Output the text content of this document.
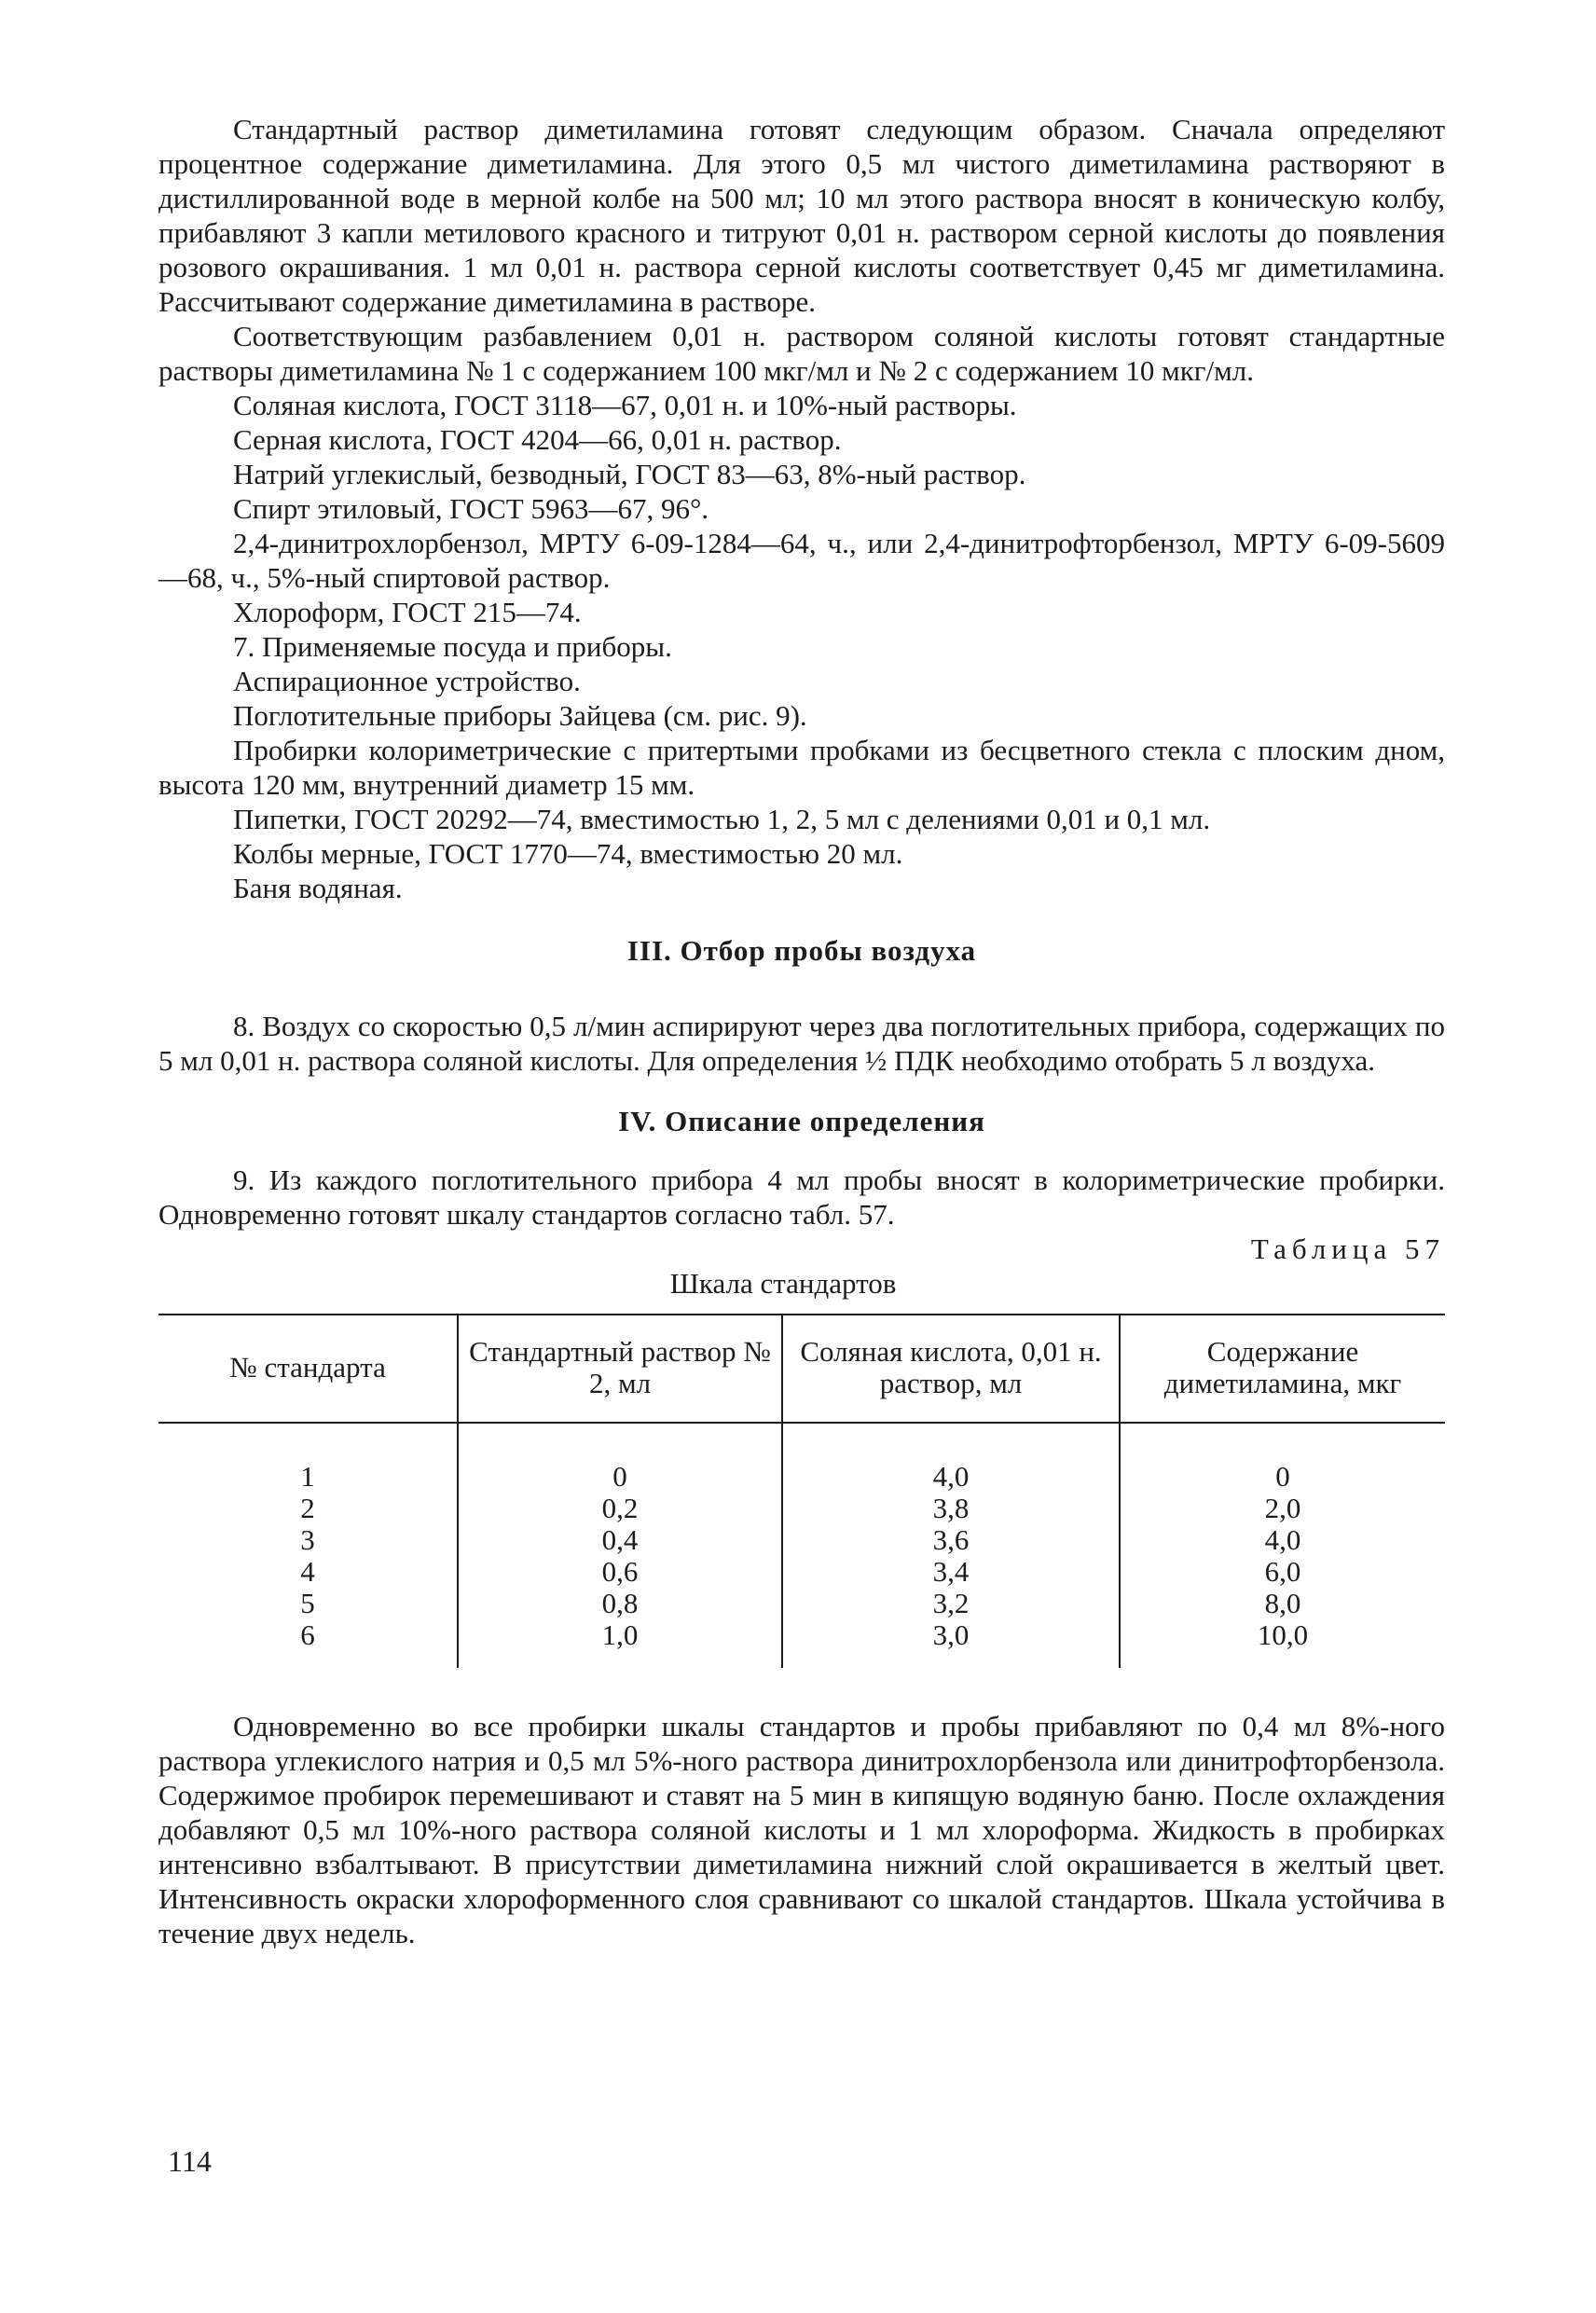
Стандартный раствор диметиламина готовят следующим образом. Сначала определяют процентное содержание диметиламина. Для этого 0,5 мл чистого диметиламина растворяют в дистиллированной воде в мерной колбе на 500 мл; 10 мл этого раствора вносят в коническую колбу, прибавляют 3 капли метилового красного и титруют 0,01 н. раствором серной кислоты до появления розового окрашивания. 1 мл 0,01 н. раствора серной кислоты соответствует 0,45 мг диметиламина. Рассчитывают содержание диметиламина в растворе.

Соответствующим разбавлением 0,01 н. раствором соляной кислоты готовят стандартные растворы диметиламина № 1 с содержанием 100 мкг/мл и № 2 с содержанием 10 мкг/мл.

Соляная кислота, ГОСТ 3118—67, 0,01 н. и 10%-ный растворы.

Серная кислота, ГОСТ 4204—66, 0,01 н. раствор.

Натрий углекислый, безводный, ГОСТ 83—63, 8%-ный раствор.

Спирт этиловый, ГОСТ 5963—67, 96°.

2,4-динитрохлорбензол, МРТУ 6-09-1284—64, ч., или 2,4-динитрофторбензол, МРТУ 6-09-5609—68, ч., 5%-ный спиртовой раствор.

Хлороформ, ГОСТ 215—74.

7. Применяемые посуда и приборы.

Аспирационное устройство.

Поглотительные приборы Зайцева (см. рис. 9).

Пробирки колориметрические с притертыми пробками из бесцветного стекла с плоским дном, высота 120 мм, внутренний диаметр 15 мм.

Пипетки, ГОСТ 20292—74, вместимостью 1, 2, 5 мл с делениями 0,01 и 0,1 мл.

Колбы мерные, ГОСТ 1770—74, вместимостью 20 мл.

Баня водяная.

III. Отбор пробы воздуха

8. Воздух со скоростью 0,5 л/мин аспирируют через два поглотительных прибора, содержащих по 5 мл 0,01 н. раствора соляной кислоты. Для определения ½ ПДК необходимо отобрать 5 л воздуха.

IV. Описание определения

9. Из каждого поглотительного прибора 4 мл пробы вносят в колориметрические пробирки. Одновременно готовят шкалу стандартов согласно табл. 57.

Таблица 57

Шкала стандартов

№ стандарта	Стандартный раствор № 2, мл	Соляная кислота, 0,01 н. раствор, мл	Содержание диметиламина, мкг
1	0	4,0	0
2	0,2	3,8	2,0
3	0,4	3,6	4,0
4	0,6	3,4	6,0
5	0,8	3,2	8,0
6	1,0	3,0	10,0

Одновременно во все пробирки шкалы стандартов и пробы прибавляют по 0,4 мл 8%-ного раствора углекислого натрия и 0,5 мл 5%-ного раствора динитрохлорбензола или динитрофторбензола. Содержимое пробирок перемешивают и ставят на 5 мин в кипящую водяную баню. После охлаждения добавляют 0,5 мл 10%-ного раствора соляной кислоты и 1 мл хлороформа. Жидкость в пробирках интенсивно взбалтывают. В присутствии диметиламина нижний слой окрашивается в желтый цвет. Интенсивность окраски хлороформенного слоя сравнивают со шкалой стандартов. Шкала устойчива в течение двух недель.

114
